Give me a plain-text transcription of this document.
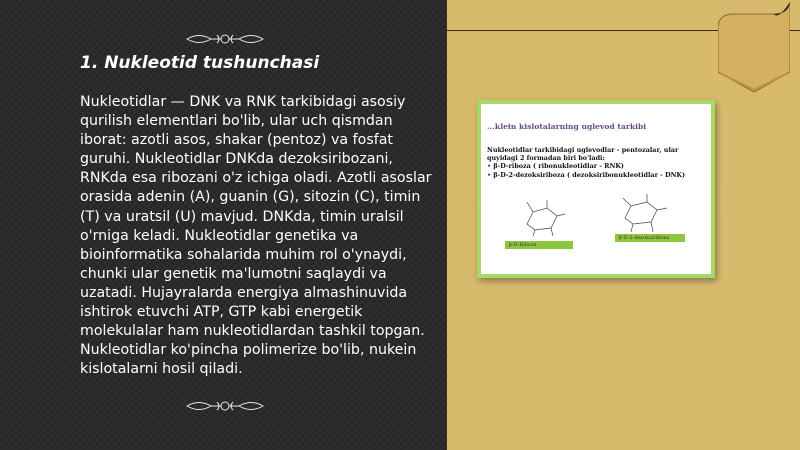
1. Nukleotid tushunchasi

Nukleotidlar — DNK va RNK tarkibidagi asosiy qurilish elementlari bo'lib, ular uch qismdan iborat: azotli asos, shakar (pentoz) va fosfat guruhi. Nukleotidlar DNKda dezoksiribozani, RNKda esa ribozani o'z ichiga oladi. Azotli asoslar orasida adenin (A), guanin (G), sitozin (C), timin (T) va uratsil (U) mavjud. DNKda, timin uralsil o'rniga keladi. Nukleotidlar genetika va bioinformatika sohalarida muhim rol o'ynaydi, chunki ular genetik ma'lumotni saqlaydi va uzatadi. Hujayralarda energiya almashinuvida ishtirok etuvchi ATP, GTP kabi energetik molekulalar ham nukleotidlardan tashkil topgan. Nukleotidlar ko'pincha polimerize bo'lib, nukein kislotalarni hosil qiladi.

...klein kislotalarning uglevod tarkibi
Nukleotidlar tarkibidagi uglevodlar - pentozalar, ular quyidagi 2 formadan biri bo'ladi:
• β-D-riboza ( ribonukleotidlar - RNK)
• β-D-2-dezoksiriboza ( dezoksiribonukleotidlar - DNK)
β-D-Riboza
β-D-2-dezoksiriboza
